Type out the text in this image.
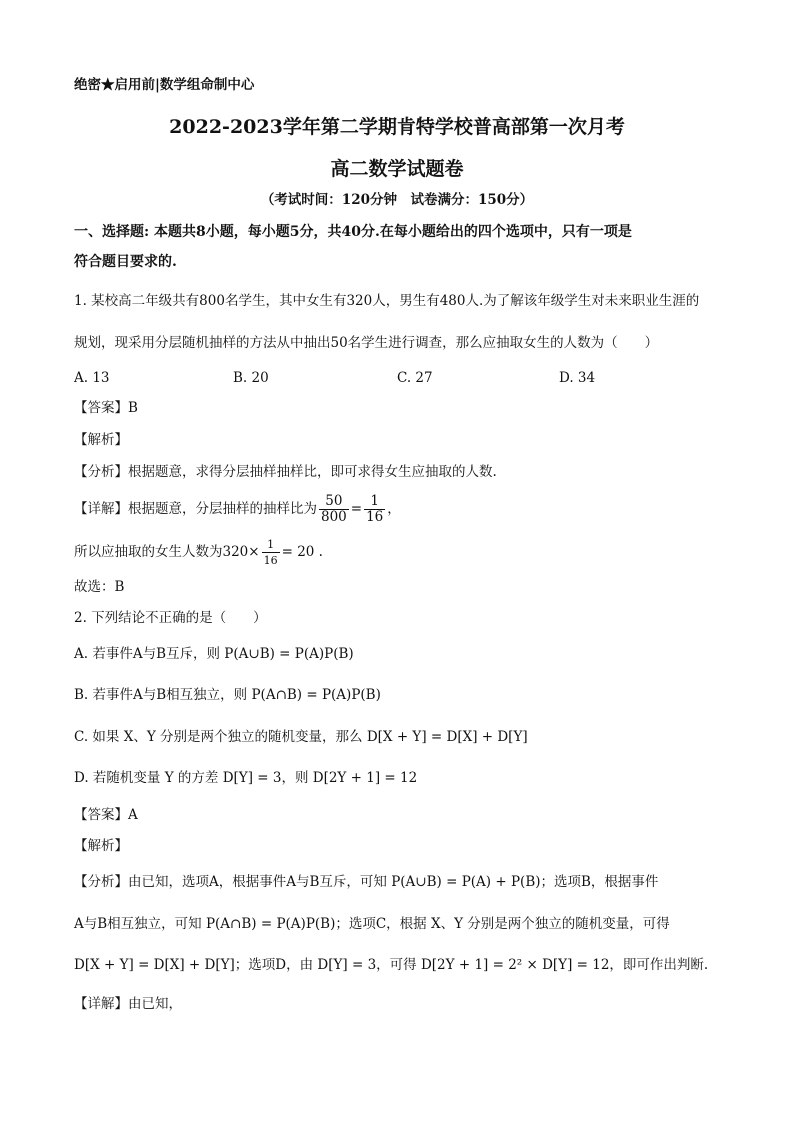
绝密★启用前|数学组命制中心
2022-2023学年第二学期肯特学校普高部第一次月考
高二数学试题卷
（考试时间：120分钟　试卷满分：150分）
一、选择题: 本题共8小题，每小题5分，共40分.在每小题给出的四个选项中，只有一项是
符合题目要求的.
1. 某校高二年级共有800名学生，其中女生有320人，男生有480人.为了解该年级学生对未来职业生涯的
规划，现采用分层随机抽样的方法从中抽出50名学生进行调查，那么应抽取女生的人数为（　　）
A. 13	B. 20	C. 27	D. 34
【答案】B
【解析】
【分析】根据题意，求得分层抽样抽样比，即可求得女生应抽取的人数.
【详解】根据题意，分层抽样的抽样比为 $\frac{50}{800} = \frac{1}{16}$ ，
所以应抽取的女生人数为$320\times \frac{1}{16} = 20$ .
故选：B
2. 下列结论不正确的是（　　）
A. 若事件A与B互斥，则 P(A∪B) = P(A)P(B)
B. 若事件A与B相互独立，则 P(A∩B) = P(A)P(B)
C. 如果 X、Y 分别是两个独立的随机变量，那么 D[X + Y] = D[X] + D[Y]
D. 若随机变量 Y 的方差 D[Y] = 3，则 D[2Y + 1] = 12
【答案】A
【解析】
【分析】由已知，选项A，根据事件A与B互斥，可知 P(A∪B) = P(A) + P(B)；选项B，根据事件
A与B相互独立，可知 P(A∩B) = P(A)P(B)；选项C，根据 X、Y 分别是两个独立的随机变量，可得
D[X + Y] = D[X] + D[Y]；选项D，由 D[Y] = 3，可得 D[2Y + 1] = 2² × D[Y] = 12，即可作出判断.
【详解】由已知，
